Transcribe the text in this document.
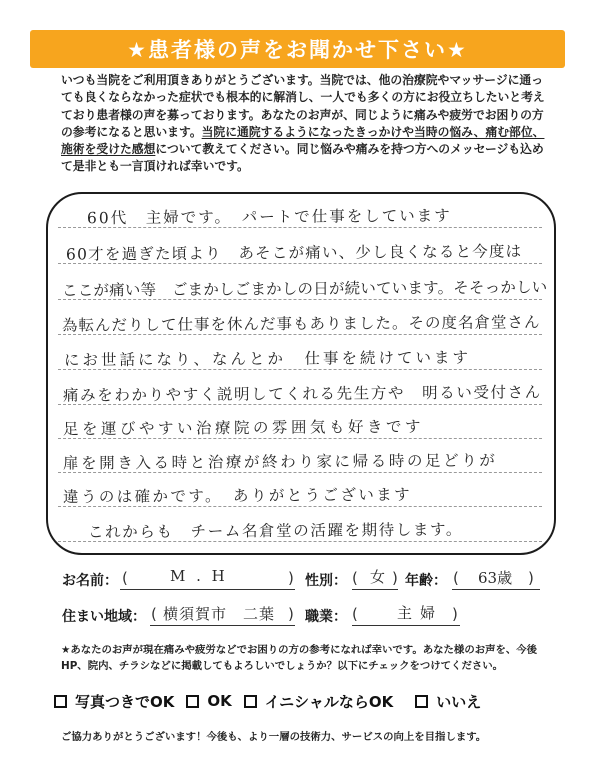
★患者様の声をお聞かせ下さい★
いつも当院をご利用頂きありがとうございます。当院では、他の治療院やマッサージに通っても良くならなかった症状でも根本的に解消し、一人でも多くの方にお役立ちしたいと考えており患者様の声を募っております。あなたのお声が、同じように痛みや疲労でお困りの方の参考になると思います。当院に通院するようになったきっかけや当時の悩み、痛む部位、施術を受けた感想について教えてください。同じ悩みや痛みを持つ方へのメッセージも込めて是非とも一言頂ければ幸いです。
60代　主婦です。　パートで仕事をしています
60才を過ぎた頃より　あそこが痛い、少し良くなると今度は
ここが痛い等　ごまかしごまかしの日が続いています。そそっかしい
為転んだりして仕事を休んだ事もありました。その度名倉堂さん
にお世話になり、なんとか　仕事を続けています
痛みをわかりやすく説明してくれる先生方や　明るい受付さん
足を運びやすい治療院の雰囲気も好きです
扉を開き入る時と治療が終わり家に帰る時の足どりが
違うのは確かです。　ありがとうございます
これからも　チーム名倉堂の活躍を期待します。
お名前： (	M . H	) 性別： ( 女 ) 年齢： ( 63歳 )
住まい地域： ( 横須賀市　二葉 ) 職業： (	主婦 )
★あなたのお声が現在痛みや疲労などでお困りの方の参考になれば幸いです。あなた様のお声を、今後HP、院内、チラシなどに掲載してもよろしいでしょうか？以下にチェックをつけてください。
写真つきでOK OK イニシャルならOK	いいえ
ご協力ありがとうございます！今後も、より一層の技術力、サービスの向上を目指します。
